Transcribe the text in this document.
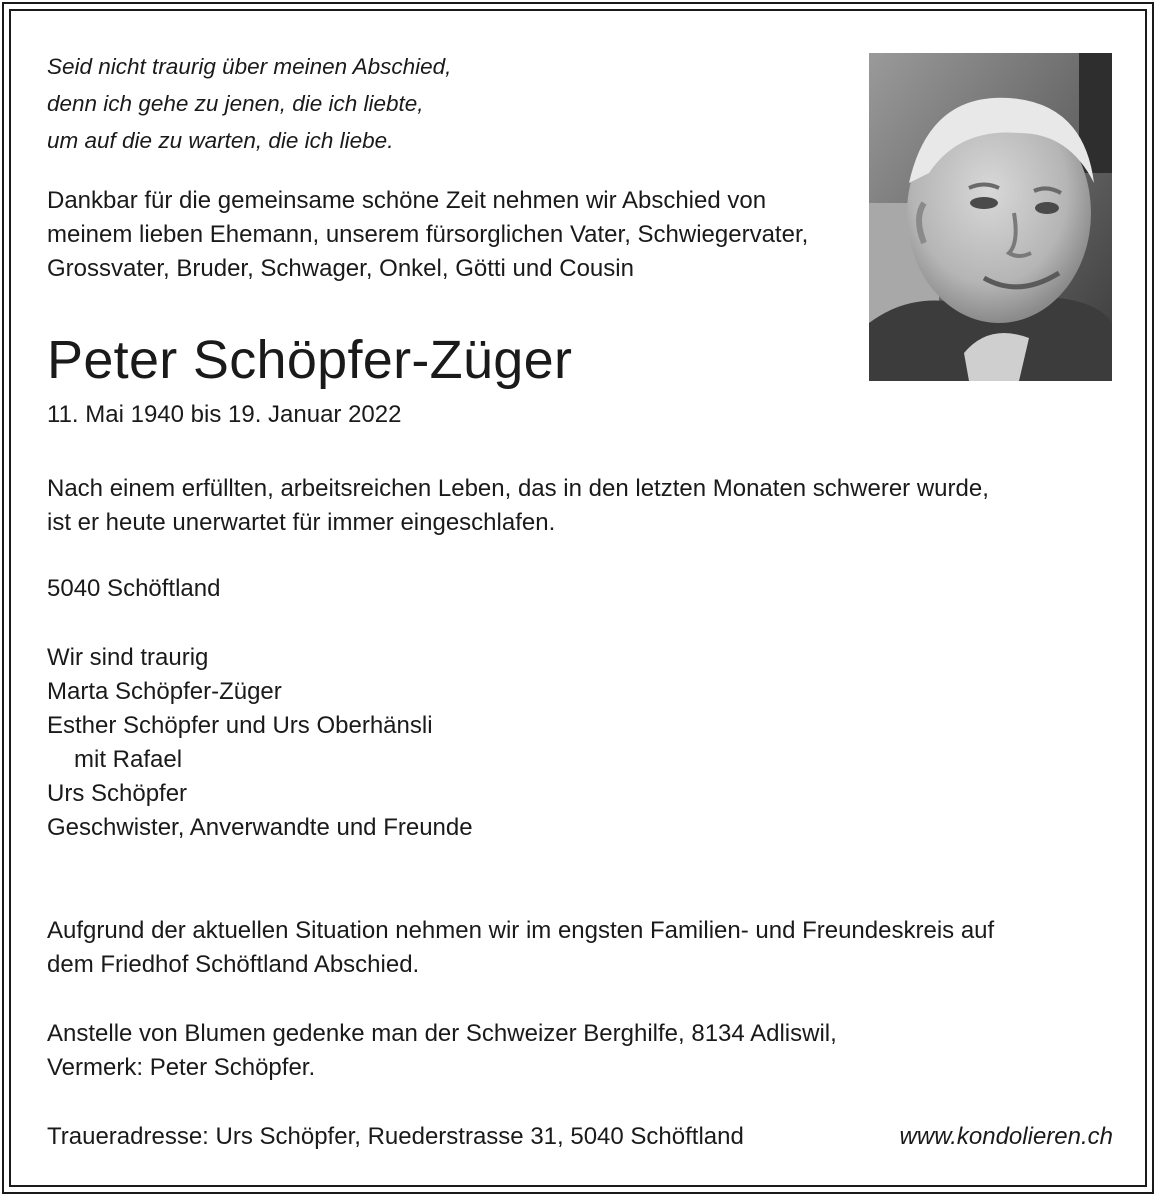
Seid nicht traurig über meinen Abschied,
denn ich gehe zu jenen, die ich liebte,
um auf die zu warten, die ich liebe.
Dankbar für die gemeinsame schöne Zeit nehmen wir Abschied von
meinem lieben Ehemann, unserem fürsorglichen Vater, Schwiegervater,
Grossvater, Bruder, Schwager, Onkel, Götti und Cousin
Peter Schöpfer-Züger
11. Mai 1940 bis 19. Januar 2022
Nach einem erfüllten, arbeitsreichen Leben, das in den letzten Monaten schwerer wurde,
ist er heute unerwartet für immer eingeschlafen.
5040 Schöftland
Wir sind traurig
Marta Schöpfer-Züger
Esther Schöpfer und Urs Oberhänsli
mit Rafael
Urs Schöpfer
Geschwister, Anverwandte und Freunde
Aufgrund der aktuellen Situation nehmen wir im engsten Familien- und Freundeskreis auf
dem Friedhof Schöftland Abschied.
Anstelle von Blumen gedenke man der Schweizer Berghilfe, 8134 Adliswil,
Vermerk: Peter Schöpfer.
Traueradresse: Urs Schöpfer, Ruederstrasse 31, 5040 Schöftland	www.kondolieren.ch
